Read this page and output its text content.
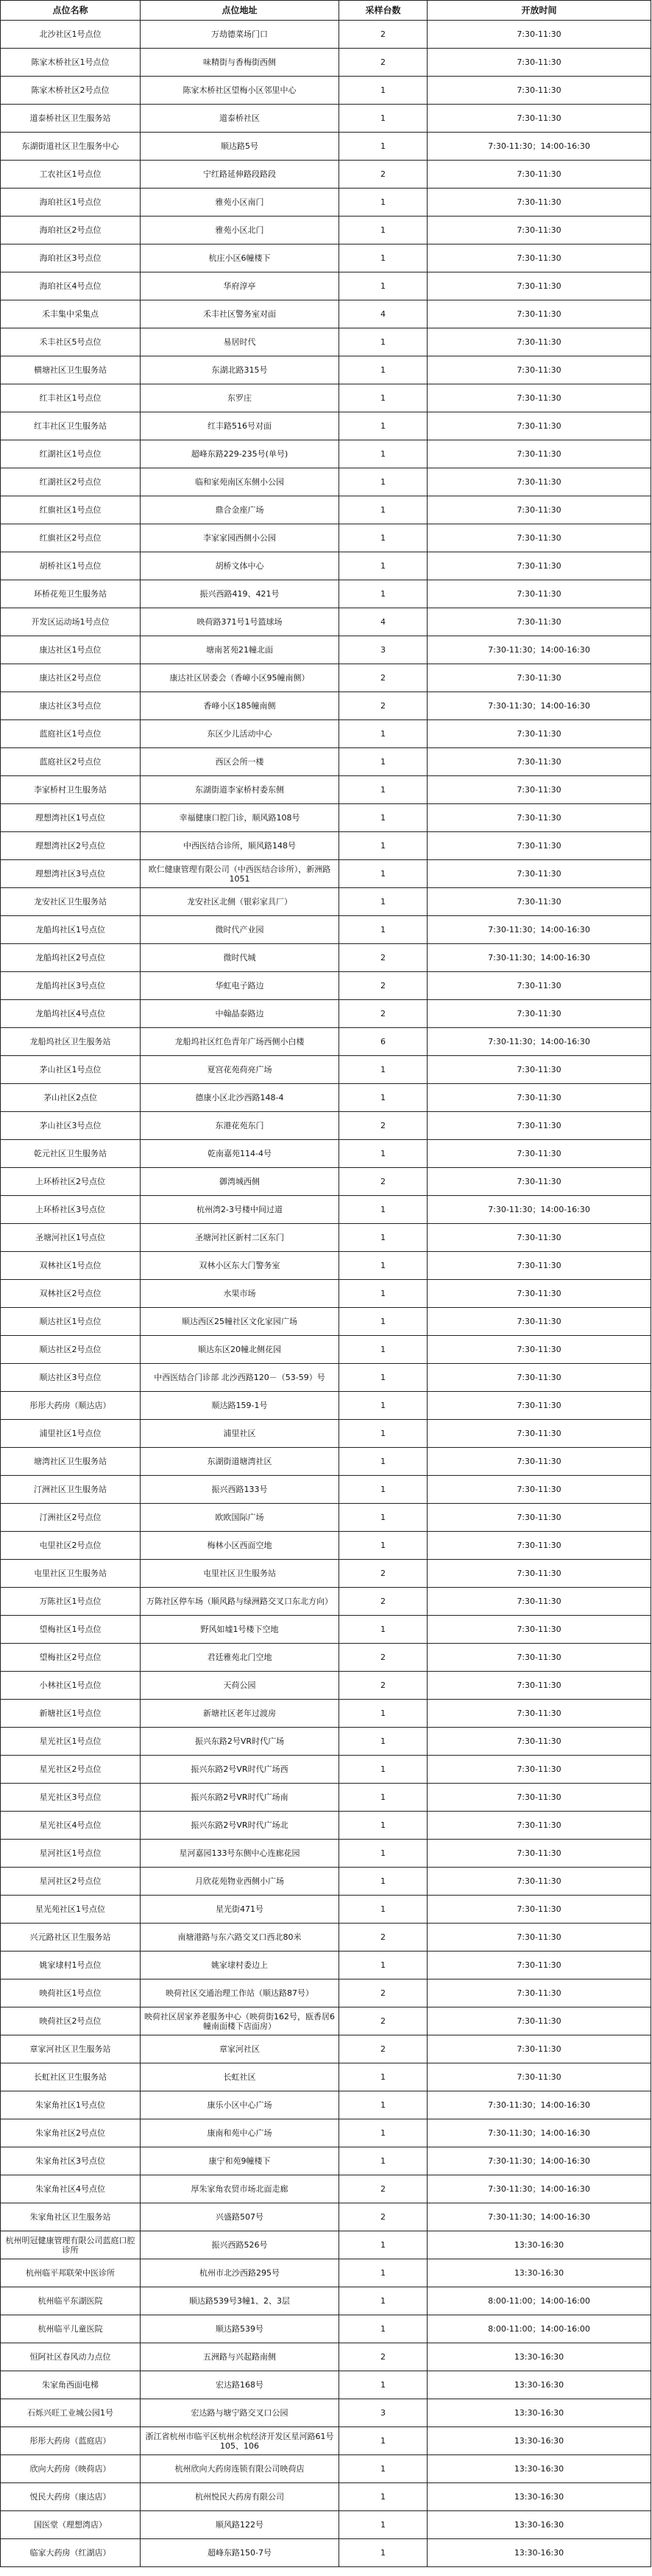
点位名称	点位地址	采样台数	开放时间
北沙社区1号点位	万劫德菜场门口	2	7:30-11:30
陈家木桥社区1号点位	味精街与香梅街西侧	2	7:30-11:30
陈家木桥社区2号点位	陈家木桥社区望梅小区邻里中心	1	7:30-11:30
道泰桥社区卫生服务站	道泰桥社区	1	7:30-11:30
东湖街道社区卫生服务中心	顺达路5号	1	7:30-11:30；14:00-16:30
工农社区1号点位	宁红路延伸路段路段	2	7:30-11:30
海珀社区1号点位	雅苑小区南门	1	7:30-11:30
海珀社区2号点位	雅苑小区北门	1	7:30-11:30
海珀社区3号点位	杭庄小区6幢楼下	1	7:30-11:30
海珀社区4号点位	华府淳亭	1	7:30-11:30
禾丰集中采集点	禾丰社区警务室对面	4	7:30-11:30
禾丰社区5号点位	易居时代	1	7:30-11:30
横塘社区卫生服务站	东湖北路315号	1	7:30-11:30
红丰社区1号点位	东罗庄	1	7:30-11:30
红丰社区卫生服务站	红丰路516号对面	1	7:30-11:30
红湖社区1号点位	超峰东路229-235号(单号)	1	7:30-11:30
红湖社区2号点位	临和家苑南区东侧小公园	1	7:30-11:30
红旗社区1号点位	鼎合金座广场	1	7:30-11:30
红旗社区2号点位	李家家园西侧小公园	1	7:30-11:30
胡桥社区1号点位	胡桥文体中心	1	7:30-11:30
环桥花苑卫生服务站	振兴西路419、421号	1	7:30-11:30
开发区运动场1号点位	映荷路371号1号篮球场	4	7:30-11:30
康达社区1号点位	塘南茗苑21幢北面	3	7:30-11:30；14:00-16:30
康达社区2号点位	康达社区居委会（香嶂小区95幢南侧）	2	7:30-11:30
康达社区3号点位	香峰小区185幢南侧	2	7:30-11:30；14:00-16:30
蓝庭社区1号点位	东区少儿活动中心	1	7:30-11:30
蓝庭社区2号点位	西区会所一楼	1	7:30-11:30
李家桥村卫生服务站	东湖街道李家桥村委东侧	1	7:30-11:30
理想湾社区1号点位	幸福健康口腔门诊，顺风路108号	1	7:30-11:30
理想湾社区2号点位	中西医结合诊所，顺风路148号	1	7:30-11:30
理想湾社区3号点位	欧仁健康管理有限公司（中西医结合诊所），新洲路1051	1	7:30-11:30
龙安社区卫生服务站	龙安社区北侧（银彩家具厂）	1	7:30-11:30
龙船坞社区1号点位	微时代产业园	1	7:30-11:30；14:00-16:30
龙船坞社区2号点位	微时代城	2	7:30-11:30；14:00-16:30
龙船坞社区3号点位	华虹电子路边	2	7:30-11:30
龙船坞社区4号点位	中翰晶泰路边	2	7:30-11:30
龙船坞社区卫生服务站	龙船坞社区红色青年广场西侧小白楼	6	7:30-11:30；14:00-16:30
茅山社区1号点位	夏宫花苑荷亮广场	1	7:30-11:30
茅山社区2点位	德康小区北沙西路148-4	1	7:30-11:30
茅山社区3号点位	东港花苑东门	2	7:30-11:30
乾元社区卫生服务站	乾南嘉苑114-4号	1	7:30-11:30
上环桥社区2号点位	御湾城西侧	2	7:30-11:30
上环桥社区3号点位	杭州湾2-3号楼中间过道	1	7:30-11:30；14:00-16:30
圣塘河社区1号点位	圣塘河社区新村二区东门	1	7:30-11:30
双林社区1号点位	双林小区东大门警务室	1	7:30-11:30
双林社区2号点位	水果市场	1	7:30-11:30
顺达社区1号点位	顺达西区25幢社区文化家园广场	1	7:30-11:30
顺达社区2号点位	顺达东区20幢北侧花园	1	7:30-11:30
顺达社区3号点位	中西医结合门诊部 北沙西路120－（53-59）号	1	7:30-11:30
彤彤大药房（顺达店）	顺达路159-1号	1	7:30-11:30
浦里社区1号点位	浦里社区	1	7:30-11:30
塘湾社区卫生服务站	东湖街道塘湾社区	1	7:30-11:30
汀洲社区卫生服务站	振兴西路133号	1	7:30-11:30
汀洲社区2号点位	欧欧国际广场	1	7:30-11:30
屯里社区2号点位	梅林小区西面空地	1	7:30-11:30
屯里社区卫生服务站	屯里社区卫生服务站	2	7:30-11:30
万陈社区1号点位	万陈社区停车场（顺风路与绿洲路交叉口东北方向）	2	7:30-11:30
望梅社区1号点位	野风如墟1号楼下空地	1	7:30-11:30
望梅社区2号点位	君廷雅苑北门空地	2	7:30-11:30
小林社区1号点位	天荷公园	2	7:30-11:30
新塘社区1号点位	新塘社区老年过渡房	1	7:30-11:30
星光社区1号点位	振兴东路2号VR时代广场	1	7:30-11:30
星光社区2号点位	振兴东路2号VR时代广场西	1	7:30-11:30
星光社区3号点位	振兴东路2号VR时代广场南	1	7:30-11:30
星光社区4号点位	振兴东路2号VR时代广场北	1	7:30-11:30
星河社区1号点位	星河嘉园133号东侧中心连廊花园	1	7:30-11:30
星河社区2号点位	月欣花苑物业西侧小广场	1	7:30-11:30
星光苑社区1号点位	星光街471号	1	7:30-11:30
兴元路社区卫生服务站	南塘港路与东六路交叉口西北80米	2	7:30-11:30
姚家埭村1号点位	姚家埭村委边上	1	7:30-11:30
映荷社区1号点位	映荷社区交通治理工作站（顺达路87号）	2	7:30-11:30
映荷社区2号点位	映荷社区居家养老服务中心（映荷街162号，瓯香居6幢南面楼下店面房）	2	7:30-11:30
章家河社区卫生服务站	章家河社区	2	7:30-11:30
长虹社区卫生服务站	长虹社区	1	7:30-11:30
朱家角社区1号点位	康乐小区中心广场	1	7:30-11:30；14:00-16:30
朱家角社区2号点位	康南和苑中心广场	1	7:30-11:30；14:00-16:30
朱家角社区3号点位	康宁和苑9幢楼下	1	7:30-11:30；14:00-16:30
朱家角社区4号点位	厚朱家角农贸市场北面走廊	2	7:30-11:30；14:00-16:30
朱家角社区卫生服务站	兴盛路507号	2	7:30-11:30；14:00-16:30
杭州明冠健康管理有限公司蓝庭口腔诊所	振兴西路526号	1	13:30-16:30
杭州临平邦联荣中医诊所	杭州市北沙西路295号	1	13:30-16:30
杭州临平东湖医院	顺达路539号3幢1、2、3层	1	8:00-11:00；14:00-16:00
杭州临平儿童医院	顺达路539号	1	8:00-11:00；14:00-16:00
恒阿社区春风动力点位	五洲路与兴起路南侧	2	13:30-16:30
朱家角西面电梯	宏达路168号	1	13:30-16:30
石烁兴旺工业城公园1号	宏达路与塘宁路交叉口公园	3	13:30-16:30
彤彤大药房（蓝庭店）	浙江省杭州市临平区杭州余杭经济开发区星河路61号105、106	1	13:30-16:30
欣向大药房（映荷店）	杭州欣向大药房连锁有限公司映荷店	1	13:30-16:30
悦民大药房（康达店）	杭州悦民大药房有限公司	1	13:30-16:30
国医堂（理想湾店）	顺风路122号	1	13:30-16:30
临家大药房（红湖店）	超峰东路150-7号	1	13:30-16:30
